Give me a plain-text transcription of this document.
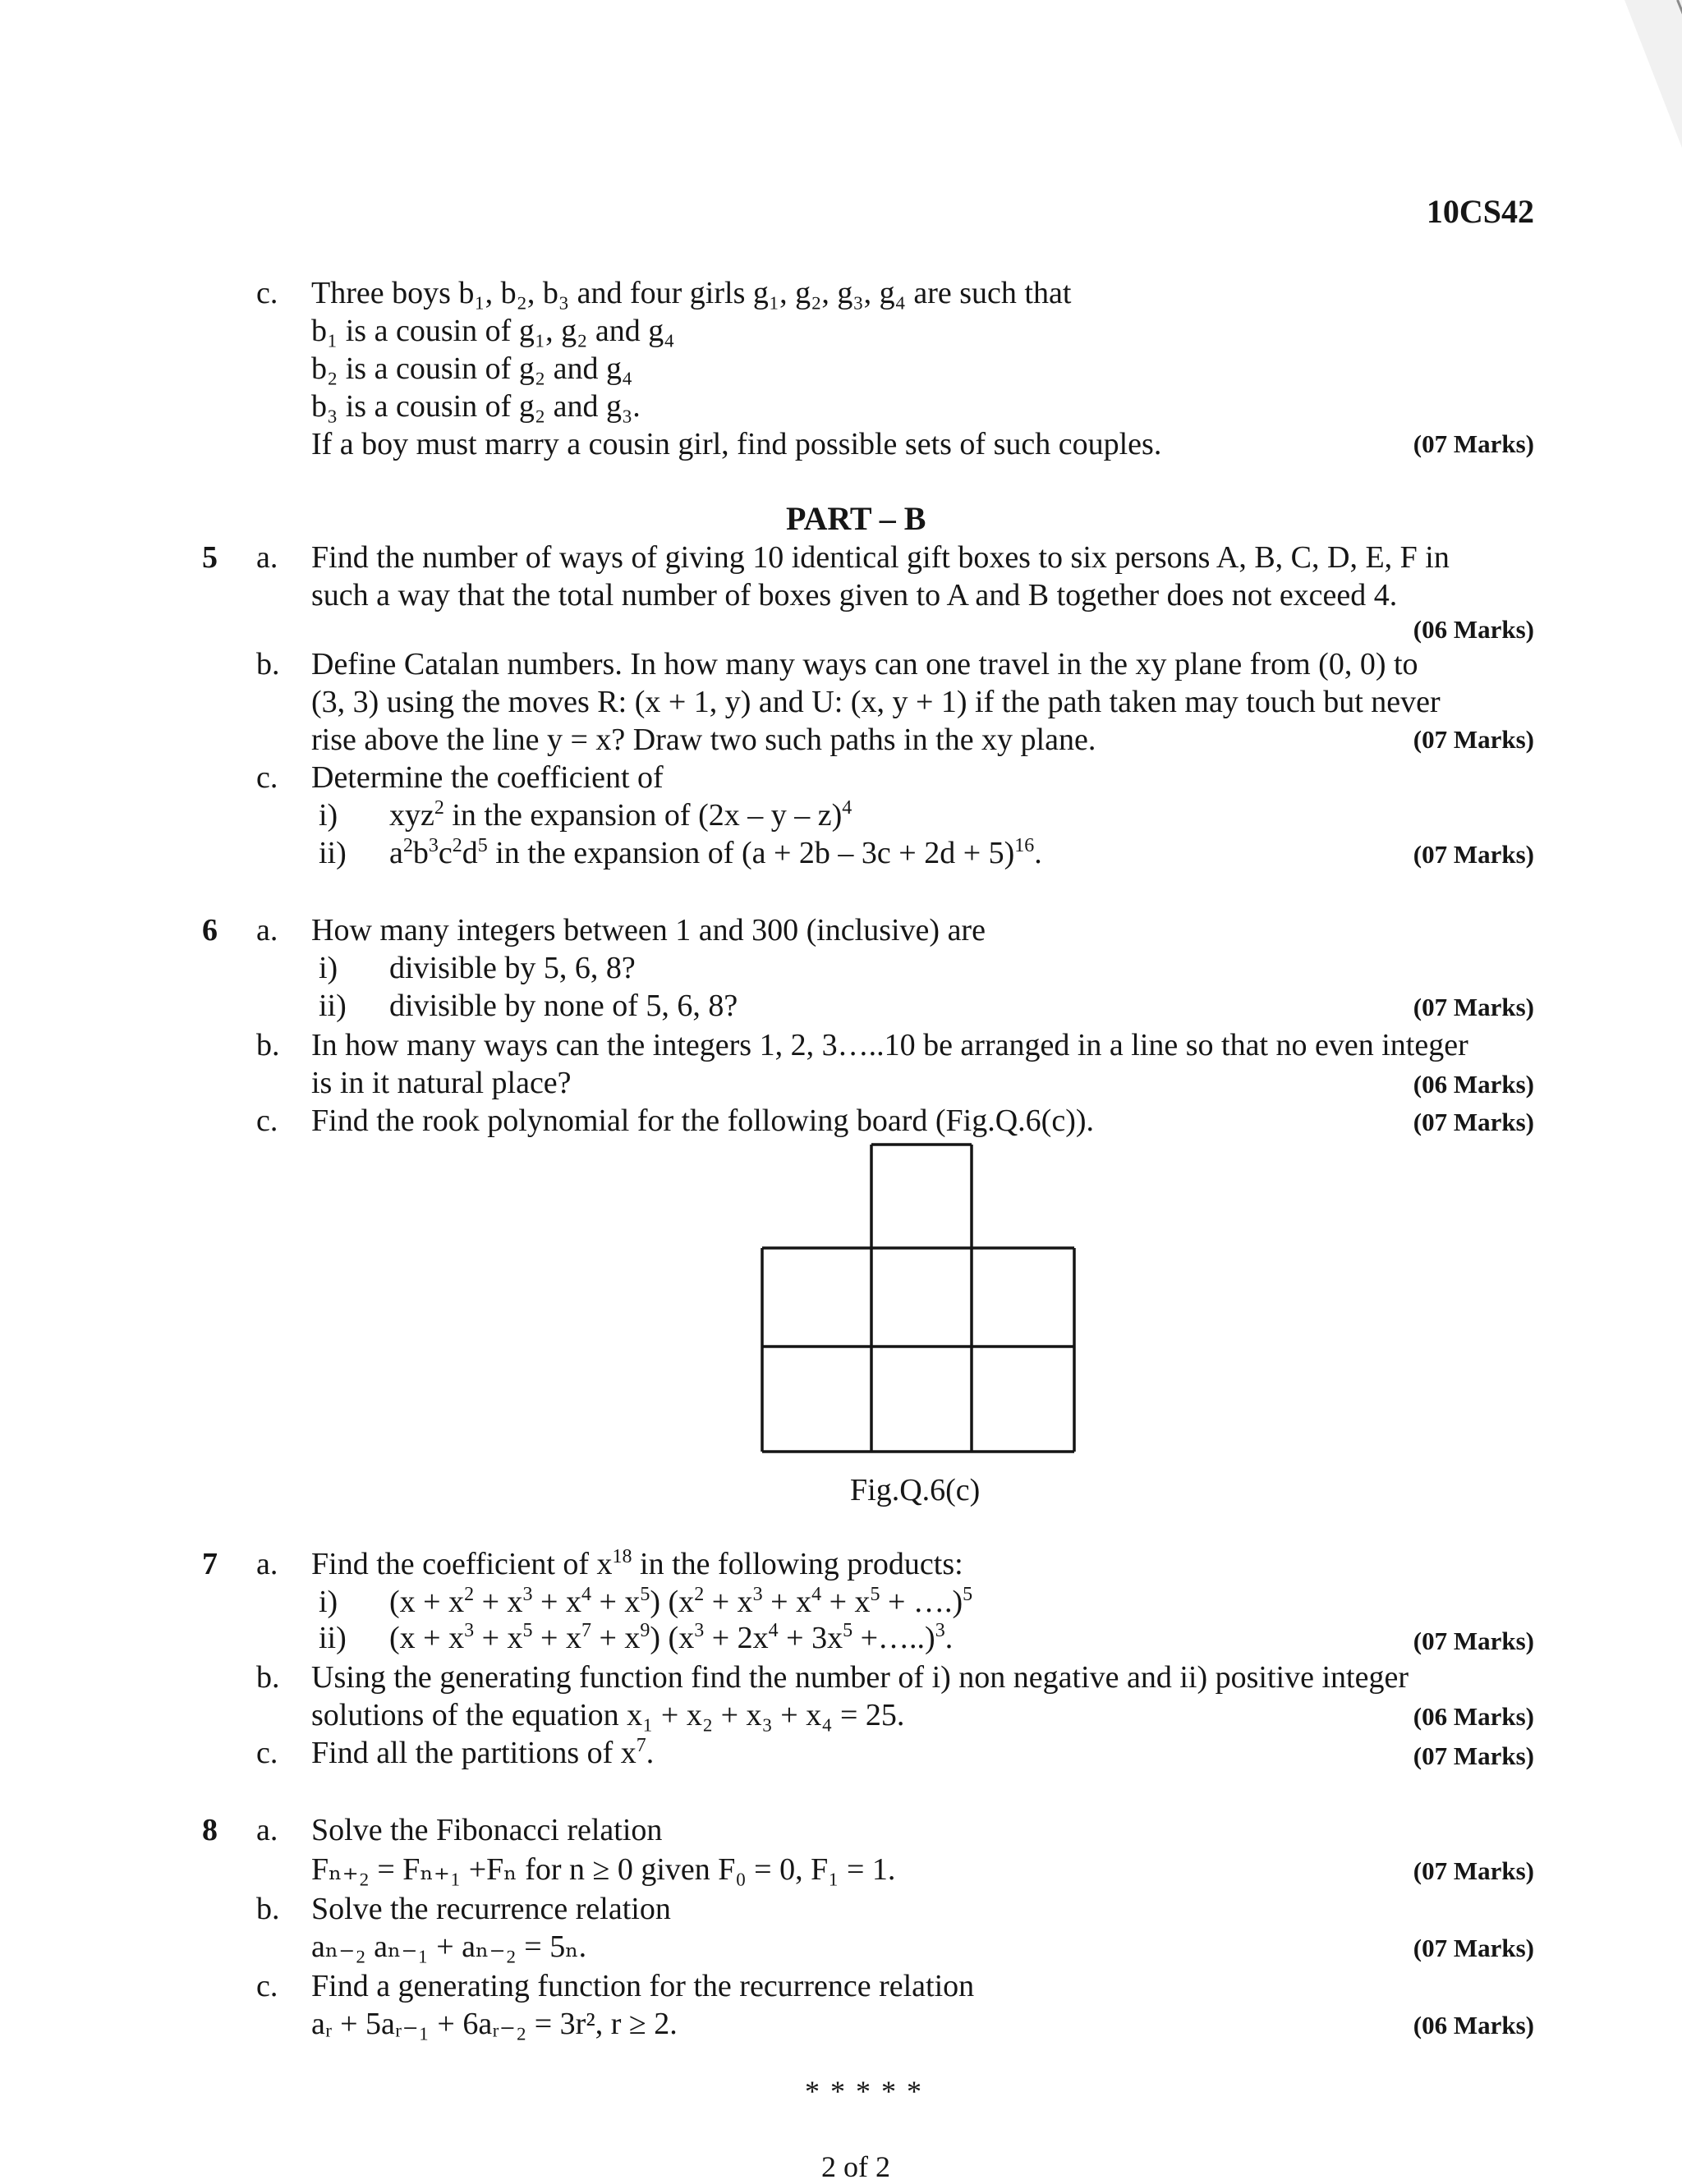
10CS42
c. Three boys b₁, b₂, b₃ and four girls g₁, g₂, g₃, g₄ are such that
b₁ is a cousin of g₁, g₂ and g₄
b₂ is a cousin of g₂ and g₄
b₃ is a cousin of g₂ and g₃.
If a boy must marry a cousin girl, find possible sets of such couples.	(07 Marks)
PART – B
5 a. Find the number of ways of giving 10 identical gift boxes to six persons A, B, C, D, E, F in
such a way that the total number of boxes given to A and B together does not exceed 4.
(06 Marks)
b. Define Catalan numbers. In how many ways can one travel in the xy plane from (0, 0) to
(3, 3) using the moves R: (x + 1, y) and U: (x, y + 1) if the path taken may touch but never
rise above the line y = x? Draw two such paths in the xy plane.	(07 Marks)
c. Determine the coefficient of
i) xyz$^2$ in the expansion of (2x – y – z)$^4$
ii) $a^2b^3c^2d^5$ in the expansion of $(a + 2b - 3c + 2d + 5)^{16}$.	(07 Marks)
6 a. How many integers between 1 and 300 (inclusive) are
i) divisible by 5, 6, 8?
ii) divisible by none of 5, 6, 8?	(07 Marks)
b. In how many ways can the integers 1, 2, 3…..10 be arranged in a line so that no even integer
is in it natural place?	(06 Marks)
c. Find the rook polynomial for the following board (Fig.Q.6(c)).	(07 Marks)
Fig.Q.6(c)
7 a. Find the coefficient of $x^{18}$ in the following products:
i) $(x + x^2 + x^3 + x^4 + x^5)$ ($x^2 + x^3 + x^4 + x^5$ + ….)$^5$
ii) $(x + x^3 + x^5 + x^7 + x^9)$ ($x^3 + 2x^4 + 3x^5$ +…..)$^3$.	(07 Marks)
b. Using the generating function find the number of i) non negative and ii) positive integer
solutions of the equation x₁ + x₂ + x₃ + x₄ = 25.	(06 Marks)
c. Find all the partitions of $x^7$.	(07 Marks)
8 a. Solve the Fibonacci relation
Fₙ₊₂ = Fₙ₊₁ +Fₙ for n ≥ 0 given F₀ = 0, F₁ = 1.	(07 Marks)
b. Solve the recurrence relation
aₙ₋₂ aₙ₋₁ + aₙ₋₂ = 5ₙ.	(07 Marks)
c. Find a generating function for the recurrence relation
aᵣ + 5aᵣ₋₁ + 6aᵣ₋₂ = 3r², r ≥ 2.	(06 Marks)
* * * * *
2 of 2
